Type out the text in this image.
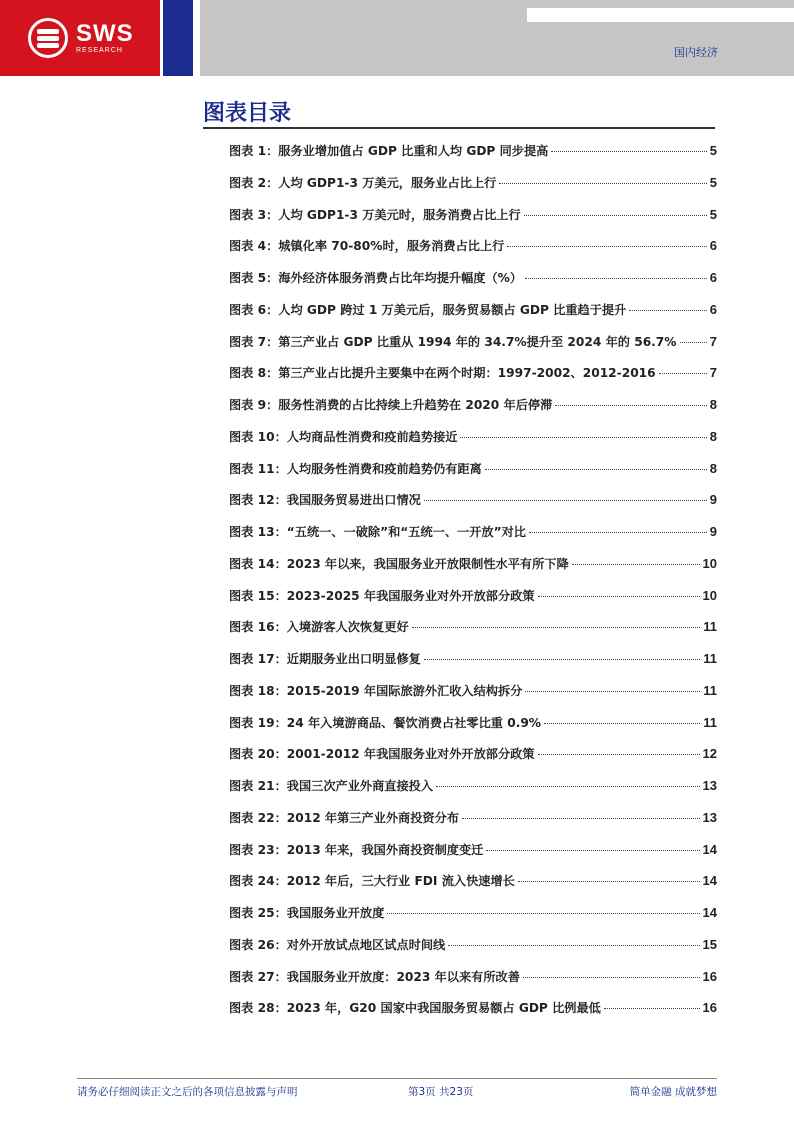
SWS
RESEARCH	国内经济
图表目录
图表 1：服务业增加值占 GDP 比重和人均 GDP 同步提高	5
图表 2：人均 GDP1-3 万美元，服务业占比上行	5
图表 3：人均 GDP1-3 万美元时，服务消费占比上行	5
图表 4：城镇化率 70-80%时，服务消费占比上行	6
图表 5：海外经济体服务消费占比年均提升幅度（%）	6
图表 6：人均 GDP 跨过 1 万美元后，服务贸易额占 GDP 比重趋于提升	6
图表 7：第三产业占 GDP 比重从 1994 年的 34.7%提升至 2024 年的 56.7%	7
图表 8：第三产业占比提升主要集中在两个时期：1997-2002、2012-2016	7
图表 9：服务性消费的占比持续上升趋势在 2020 年后停滞	8
图表 10：人均商品性消费和疫前趋势接近	8
图表 11：人均服务性消费和疫前趋势仍有距离	8
图表 12：我国服务贸易进出口情况	9
图表 13：“五统一、一破除”和“五统一、一开放”对比	9
图表 14：2023 年以来，我国服务业开放限制性水平有所下降	10
图表 15：2023-2025 年我国服务业对外开放部分政策	10
图表 16：入境游客人次恢复更好	11
图表 17：近期服务业出口明显修复	11
图表 18：2015-2019 年国际旅游外汇收入结构拆分	11
图表 19：24 年入境游商品、餐饮消费占社零比重 0.9%	11
图表 20：2001-2012 年我国服务业对外开放部分政策	12
图表 21：我国三次产业外商直接投入	13
图表 22：2012 年第三产业外商投资分布	13
图表 23：2013 年来，我国外商投资制度变迁	14
图表 24：2012 年后，三大行业 FDI 流入快速增长	14
图表 25：我国服务业开放度	14
图表 26：对外开放试点地区试点时间线	15
图表 27：我国服务业开放度：2023 年以来有所改善	16
图表 28：2023 年，G20 国家中我国服务贸易额占 GDP 比例最低	16
请务必仔细阅读正文之后的各项信息披露与声明	第3页 共23页	简单金融 成就梦想
